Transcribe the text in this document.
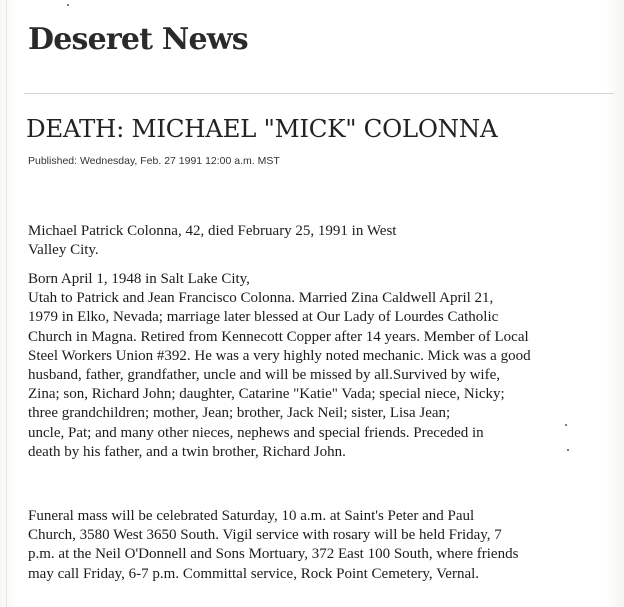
Deseret News
DEATH: MICHAEL "MICK" COLONNA
Published: Wednesday, Feb. 27 1991 12:00 a.m. MST

Michael Patrick Colonna, 42, died February 25, 1991 in West
Valley City.

Born April 1, 1948 in Salt Lake City,
Utah to Patrick and Jean Francisco Colonna. Married Zina Caldwell April 21,
1979 in Elko, Nevada; marriage later blessed at Our Lady of Lourdes Catholic
Church in Magna. Retired from Kennecott Copper after 14 years. Member of Local
Steel Workers Union #392. He was a very highly noted mechanic. Mick was a good
husband, father, grandfather, uncle and will be missed by all.Survived by wife,
Zina; son, Richard John; daughter, Catarine "Katie" Vada; special niece, Nicky;
three grandchildren; mother, Jean; brother, Jack Neil; sister, Lisa Jean;
uncle, Pat; and many other nieces, nephews and special friends. Preceded in
death by his father, and a twin brother, Richard John.

Funeral mass will be celebrated Saturday, 10 a.m. at Saint's Peter and Paul
Church, 3580 West 3650 South. Vigil service with rosary will be held Friday, 7
p.m. at the Neil O'Donnell and Sons Mortuary, 372 East 100 South, where friends
may call Friday, 6-7 p.m. Committal service, Rock Point Cemetery, Vernal.
